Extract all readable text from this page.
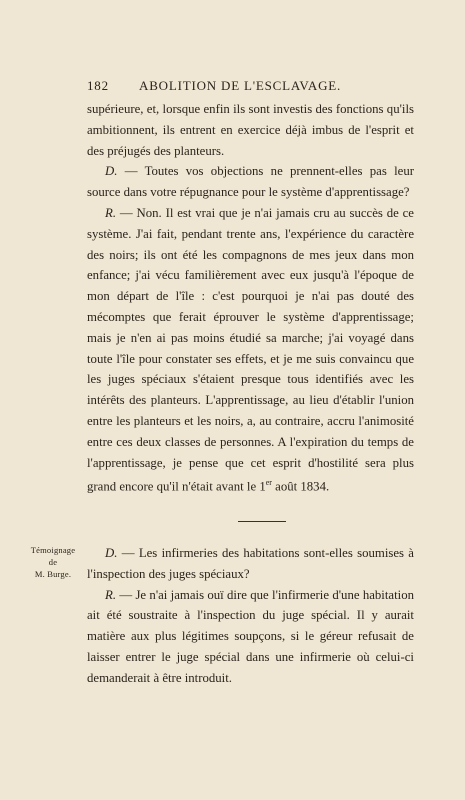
182 ABOLITION DE L'ESCLAVAGE.

supérieure, et, lorsque enfin ils sont investis des fonctions qu'ils ambitionnent, ils entrent en exercice déjà imbus de l'esprit et des préjugés des planteurs.

D. — Toutes vos objections ne prennent-elles pas leur source dans votre répugnance pour le système d'apprentissage?

R. — Non. Il est vrai que je n'ai jamais cru au succès de ce système. J'ai fait, pendant trente ans, l'expérience du caractère des noirs; ils ont été les compagnons de mes jeux dans mon enfance; j'ai vécu familièrement avec eux jusqu'à l'époque de mon départ de l'île : c'est pourquoi je n'ai pas douté des mécomptes que ferait éprouver le système d'apprentissage; mais je n'en ai pas moins étudié sa marche; j'ai voyagé dans toute l'île pour constater ses effets, et je me suis convaincu que les juges spéciaux s'étaient presque tous identifiés avec les intérêts des planteurs. L'apprentissage, au lieu d'établir l'union entre les planteurs et les noirs, a, au contraire, accru l'animosité entre ces deux classes de personnes. A l'expiration du temps de l'apprentissage, je pense que cet esprit d'hostilité sera plus grand encore qu'il n'était avant le 1er août 1834.

Témoignage
de
M. Burge.

D. — Les infirmeries des habitations sont-elles soumises à l'inspection des juges spéciaux?

R. — Je n'ai jamais ouï dire que l'infirmerie d'une habitation ait été soustraite à l'inspection du juge spécial. Il y aurait matière aux plus légitimes soupçons, si le géreur refusait de laisser entrer le juge spécial dans une infirmerie où celui-ci demanderait à être introduit.
